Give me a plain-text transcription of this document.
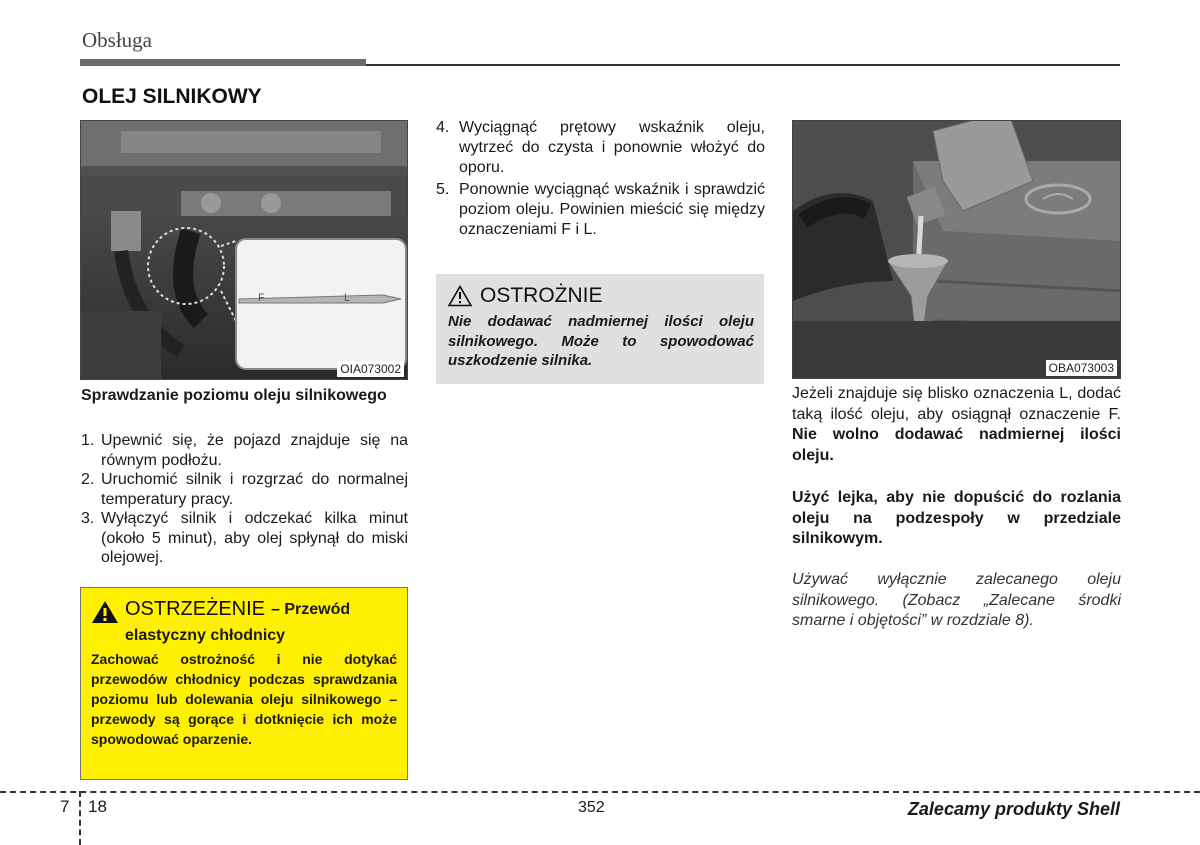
Obsługa
OLEJ SILNIKOWY
F	L
OIA073002
Sprawdzanie poziomu oleju silnikowego
1. Upewnić się, że pojazd znajduje się na równym podłożu.
2. Uruchomić silnik i rozgrzać do normalnej temperatury pracy.
3. Wyłączyć silnik i odczekać kilka minut (około 5 minut), aby olej spłynął do miski olejowej.
OSTRZEŻENIE – Przewód
elastyczny chłodnicy
Zachować ostrożność i nie dotykać przewodów chłodnicy podczas sprawdzania poziomu lub dolewania oleju silnikowego – przewody są gorące i dotknięcie ich może spowodować oparzenie.
4. Wyciągnąć prętowy wskaźnik oleju, wytrzeć do czysta i ponownie włożyć do oporu.
5. Ponownie wyciągnąć wskaźnik i sprawdzić poziom oleju. Powinien mieścić się między oznaczeniami F i L.
OSTROŻNIE
Nie dodawać nadmiernej ilości oleju silnikowego. Może to spowodować uszkodzenie silnika.	OBA073003
Jeżeli znajduje się blisko oznaczenia L, dodać taką ilość oleju, aby osiągnął oznaczenie F. Nie wolno dodawać nadmiernej ilości oleju.
Użyć lejka, aby nie dopuścić do rozlania oleju na podzespoły w przedziale silnikowym.
Używać wyłącznie zalecanego oleju silnikowego. (Zobacz „Zalecane środki smarne i objętości” w rozdziale 8).
7 18	352	Zalecamy produkty Shell
